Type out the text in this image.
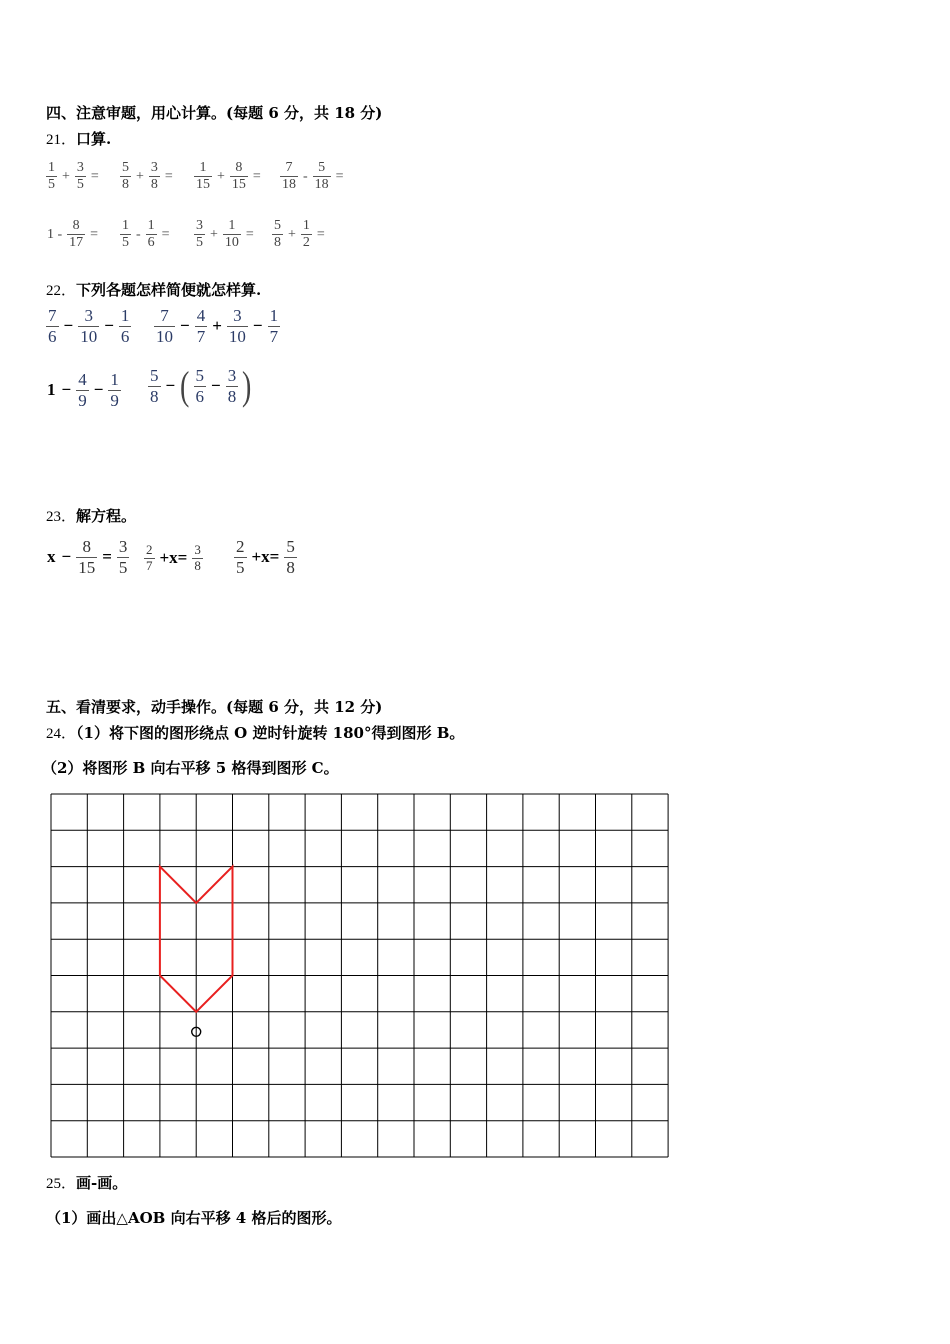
四、注意审题，用心计算。(每题 6 分，共 18 分)
21．口算.
$\frac{1}{5} + \frac{3}{5} = \frac{5}{8} + \frac{3}{8} = \frac{1}{15} + \frac{8}{15} = \frac{7}{18} - \frac{5}{18}$ =
$1 - \frac{8}{17} = \frac{1}{5} - \frac{1}{6} = \frac{3}{5} + \frac{1}{10} = \frac{5}{8} + \frac{1}{2}$ =
22．下列各题怎样简便就怎样算.
$\frac{7}{6} - \frac{3}{10} - \frac{1}{6} \frac{7}{10} - \frac{4}{7} + \frac{3}{10} - \frac{1}{7}$
$1 - \frac{4}{9} - \frac{1}{9} \frac{5}{8}$ − ( $\frac{5}{6} - \frac{3}{8}$ )
23．解方程。
$x - \frac{8}{15} = \frac{3}{5} \frac{2}{7} +x= \frac{3}{8} \frac{2}{5} +x= \frac{5}{8}$
五、看清要求，动手操作。(每题 6 分，共 12 分)
24．（1）将下图的图形绕点 O 逆时针旋转 180°得到图形 B。
（2）将图形 B 向右平移 5 格得到图形 C。
25．画-画。
（1）画出△AOB 向右平移 4 格后的图形。
